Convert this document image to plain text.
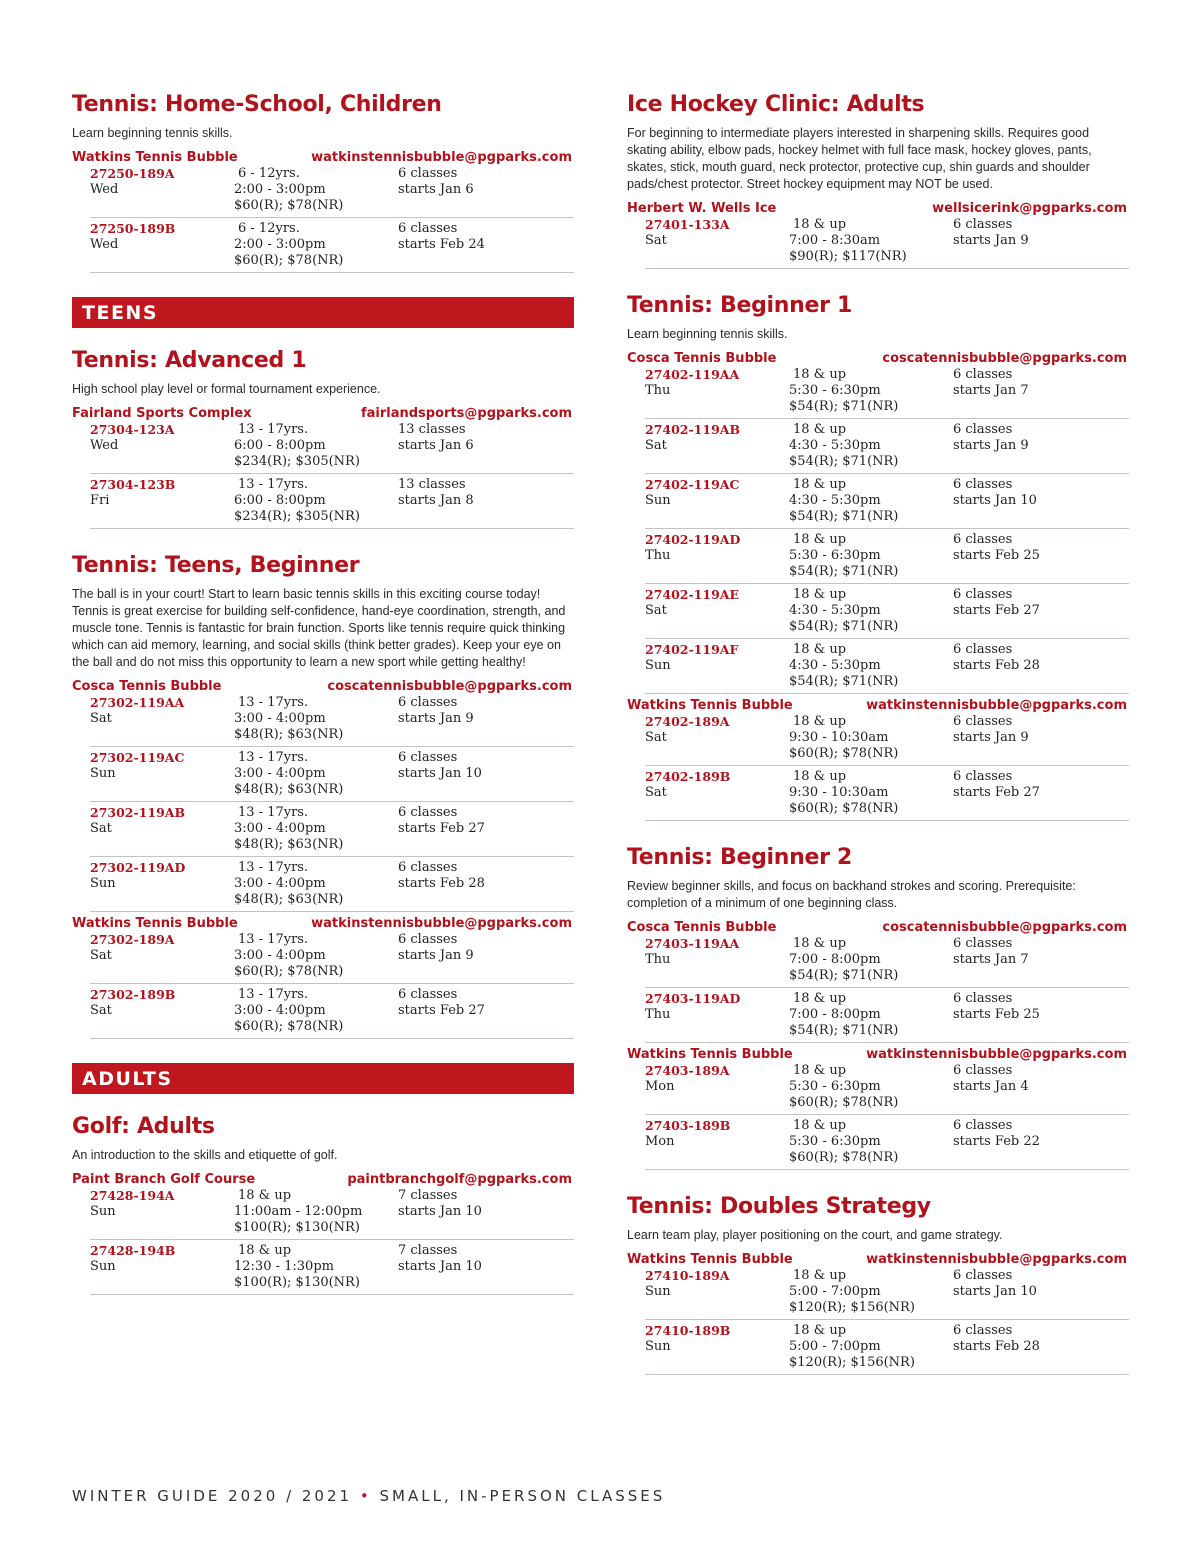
Tennis: Home-School, Children
Learn beginning tennis skills.
Watkins Tennis Bubble	watkinstennisbubble@pgparks.com
27250-189A	6 - 12yrs.	6 classes
Wed	2:00 - 3:00pm	starts Jan 6
$60(R); $78(NR)
27250-189B	6 - 12yrs.	6 classes
Wed	2:00 - 3:00pm	starts Feb 24
$60(R); $78(NR)
TEENS
Tennis: Advanced 1
High school play level or formal tournament experience.
Fairland Sports Complex	fairlandsports@pgparks.com
27304-123A	13 - 17yrs.	13 classes
Wed	6:00 - 8:00pm	starts Jan 6
$234(R); $305(NR)
27304-123B	13 - 17yrs.	13 classes
Fri	6:00 - 8:00pm	starts Jan 8
$234(R); $305(NR)
Tennis: Teens, Beginner
The ball is in your court! Start to learn basic tennis skills in this exciting course today! Tennis is great exercise for building self-confidence, hand-eye coordination, strength, and muscle tone. Tennis is fantastic for brain function. Sports like tennis require quick thinking which can aid memory, learning, and social skills (think better grades). Keep your eye on the ball and do not miss this opportunity to learn a new sport while getting healthy!
Cosca Tennis Bubble	coscatennisbubble@pgparks.com
27302-119AA	13 - 17yrs.	6 classes
Sat	3:00 - 4:00pm	starts Jan 9
$48(R); $63(NR)
27302-119AC	13 - 17yrs.	6 classes
Sun	3:00 - 4:00pm	starts Jan 10
$48(R); $63(NR)
27302-119AB	13 - 17yrs.	6 classes
Sat	3:00 - 4:00pm	starts Feb 27
$48(R); $63(NR)
27302-119AD	13 - 17yrs.	6 classes
Sun	3:00 - 4:00pm	starts Feb 28
$48(R); $63(NR)
Watkins Tennis Bubble	watkinstennisbubble@pgparks.com
27302-189A	13 - 17yrs.	6 classes
Sat	3:00 - 4:00pm	starts Jan 9
$60(R); $78(NR)
27302-189B	13 - 17yrs.	6 classes
Sat	3:00 - 4:00pm	starts Feb 27
$60(R); $78(NR)
ADULTS
Golf: Adults
An introduction to the skills and etiquette of golf.
Paint Branch Golf Course	paintbranchgolf@pgparks.com
27428-194A	18 & up	7 classes
Sun	11:00am - 12:00pm	starts Jan 10
$100(R); $130(NR)
27428-194B	18 & up	7 classes
Sun	12:30 - 1:30pm	starts Jan 10
$100(R); $130(NR)
Ice Hockey Clinic: Adults
For beginning to intermediate players interested in sharpening skills. Requires good skating ability, elbow pads, hockey helmet with full face mask, hockey gloves, pants, skates, stick, mouth guard, neck protector, protective cup, shin guards and shoulder pads/chest protector. Street hockey equipment may NOT be used.
Herbert W. Wells Ice	wellsicerink@pgparks.com
27401-133A	18 & up	6 classes
Sat	7:00 - 8:30am	starts Jan 9
$90(R); $117(NR)
Tennis: Beginner 1
Learn beginning tennis skills.
Cosca Tennis Bubble	coscatennisbubble@pgparks.com
27402-119AA	18 & up	6 classes
Thu	5:30 - 6:30pm	starts Jan 7
$54(R); $71(NR)
27402-119AB	18 & up	6 classes
Sat	4:30 - 5:30pm	starts Jan 9
$54(R); $71(NR)
27402-119AC	18 & up	6 classes
Sun	4:30 - 5:30pm	starts Jan 10
$54(R); $71(NR)
27402-119AD	18 & up	6 classes
Thu	5:30 - 6:30pm	starts Feb 25
$54(R); $71(NR)
27402-119AE	18 & up	6 classes
Sat	4:30 - 5:30pm	starts Feb 27
$54(R); $71(NR)
27402-119AF	18 & up	6 classes
Sun	4:30 - 5:30pm	starts Feb 28
$54(R); $71(NR)
Watkins Tennis Bubble	watkinstennisbubble@pgparks.com
27402-189A	18 & up	6 classes
Sat	9:30 - 10:30am	starts Jan 9
$60(R); $78(NR)
27402-189B	18 & up	6 classes
Sat	9:30 - 10:30am	starts Feb 27
$60(R); $78(NR)
Tennis: Beginner 2
Review beginner skills, and focus on backhand strokes and scoring. Prerequisite: completion of a minimum of one beginning class.
Cosca Tennis Bubble	coscatennisbubble@pgparks.com
27403-119AA	18 & up	6 classes
Thu	7:00 - 8:00pm	starts Jan 7
$54(R); $71(NR)
27403-119AD	18 & up	6 classes
Thu	7:00 - 8:00pm	starts Feb 25
$54(R); $71(NR)
Watkins Tennis Bubble	watkinstennisbubble@pgparks.com
27403-189A	18 & up	6 classes
Mon	5:30 - 6:30pm	starts Jan 4
$60(R); $78(NR)
27403-189B	18 & up	6 classes
Mon	5:30 - 6:30pm	starts Feb 22
$60(R); $78(NR)
Tennis: Doubles Strategy
Learn team play, player positioning on the court, and game strategy.
Watkins Tennis Bubble	watkinstennisbubble@pgparks.com
27410-189A	18 & up	6 classes
Sun	5:00 - 7:00pm	starts Jan 10
$120(R); $156(NR)
27410-189B	18 & up	6 classes
Sun	5:00 - 7:00pm	starts Feb 28
$120(R); $156(NR)
WINTER GUIDE 2020 / 2021 • SMALL, IN-PERSON CLASSES
